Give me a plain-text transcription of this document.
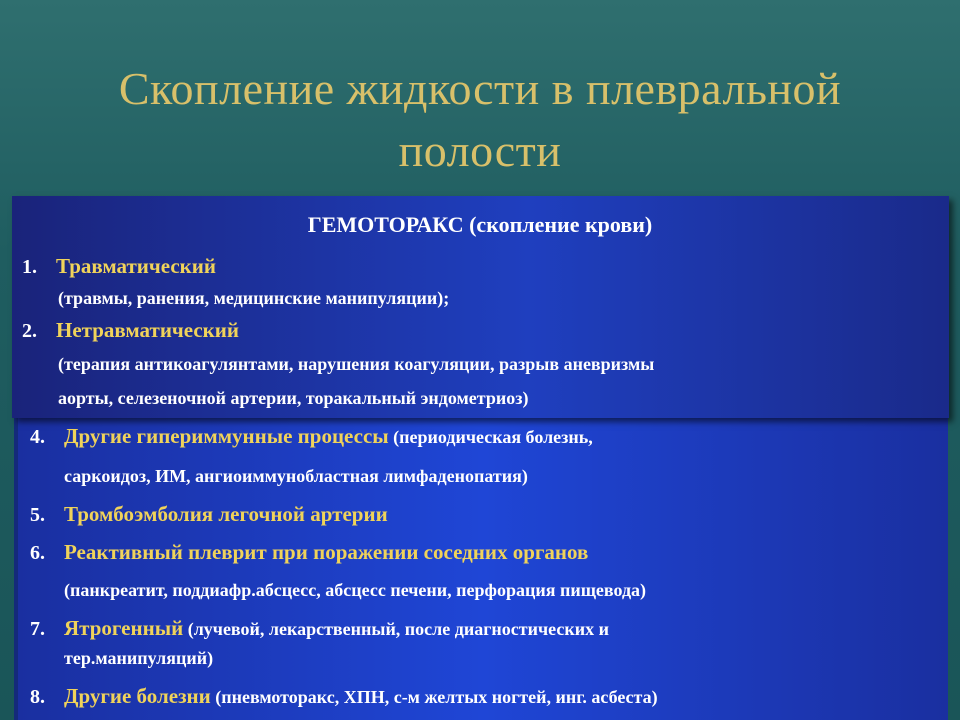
Скопление жидкости в плевральной
полости
4. Другие гипериммунные процессы (периодическая болезнь,
саркоидоз, ИМ, ангиоиммунобластная лимфаденопатия)
5. Тромбоэмболия легочной артерии
6. Реактивный плеврит при поражении соседних органов
(панкреатит, поддиафр.абсцесс, абсцесс печени, перфорация пищевода)
7. Ятрогенный (лучевой, лекарственный, после диагностических и
тер.манипуляций)
8. Другие болезни (пневмоторакс, ХПН, с-м желтых ногтей, инг. асбеста)
ГЕМОТОРАКС (скопление крови)
1. Травматический
(травмы, ранения, медицинские манипуляции);
2. Нетравматический
(терапия антикоагулянтами, нарушения коагуляции, разрыв аневризмы
аорты, селезеночной артерии, торакальный эндометриоз)
